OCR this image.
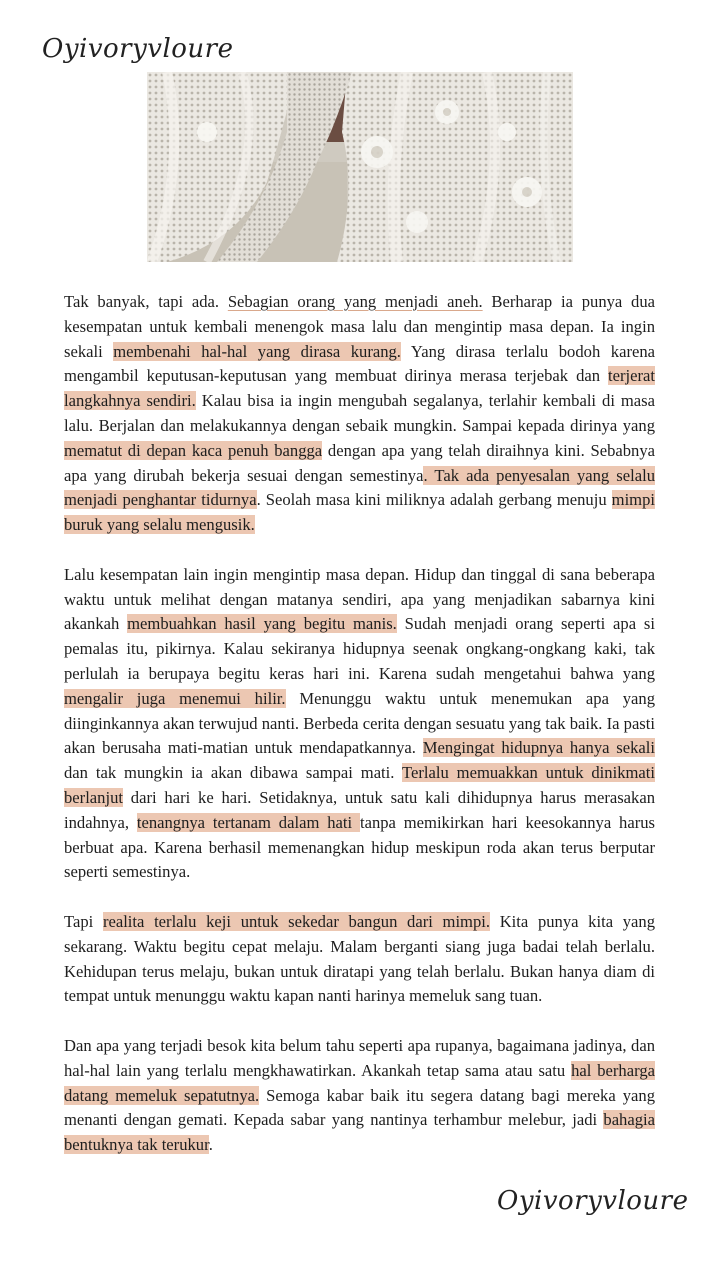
Oyivoryvloure

Tak banyak, tapi ada. Sebagian orang yang menjadi aneh. Berharap ia punya dua kesempatan untuk kembali menengok masa lalu dan mengintip masa depan. Ia ingin sekali membenahi hal-hal yang dirasa kurang. Yang dirasa terlalu bodoh karena mengambil keputusan-keputusan yang membuat dirinya merasa terjebak dan terjerat langkahnya sendiri. Kalau bisa ia ingin mengubah segalanya, terlahir kembali di masa lalu. Berjalan dan melakukannya dengan sebaik mungkin. Sampai kepada dirinya yang mematut di depan kaca penuh bangga dengan apa yang telah diraihnya kini. Sebabnya apa yang dirubah bekerja sesuai dengan semestinya. Tak ada penyesalan yang selalu menjadi penghantar tidurnya. Seolah masa kini miliknya adalah gerbang menuju mimpi buruk yang selalu mengusik.

Lalu kesempatan lain ingin mengintip masa depan. Hidup dan tinggal di sana beberapa waktu untuk melihat dengan matanya sendiri, apa yang menjadikan sabarnya kini akankah membuahkan hasil yang begitu manis. Sudah menjadi orang seperti apa si pemalas itu, pikirnya. Kalau sekiranya hidupnya seenak ongkang-ongkang kaki, tak perlulah ia berupaya begitu keras hari ini. Karena sudah mengetahui bahwa yang mengalir juga menemui hilir. Menunggu waktu untuk menemukan apa yang diinginkannya akan terwujud nanti. Berbeda cerita dengan sesuatu yang tak baik. Ia pasti akan berusaha mati-matian untuk mendapatkannya. Mengingat hidupnya hanya sekali dan tak mungkin ia akan dibawa sampai mati. Terlalu memuakkan untuk dinikmati berlanjut dari hari ke hari. Setidaknya, untuk satu kali dihidupnya harus merasakan indahnya, tenangnya tertanam dalam hati tanpa memikirkan hari keesokannya harus berbuat apa. Karena berhasil memenangkan hidup meskipun roda akan terus berputar seperti semestinya.

Tapi realita terlalu keji untuk sekedar bangun dari mimpi. Kita punya kita yang sekarang. Waktu begitu cepat melaju. Malam berganti siang juga badai telah berlalu. Kehidupan terus melaju, bukan untuk diratapi yang telah berlalu. Bukan hanya diam di tempat untuk menunggu waktu kapan nanti harinya memeluk sang tuan.

Dan apa yang terjadi besok kita belum tahu seperti apa rupanya, bagaimana jadinya, dan hal-hal lain yang terlalu mengkhawatirkan. Akankah tetap sama atau satu hal berharga datang memeluk sepatutnya. Semoga kabar baik itu segera datang bagi mereka yang menanti dengan gemati. Kepada sabar yang nantinya terhambur melebur, jadi bahagia bentuknya tak terukur.

Oyivoryvloure
